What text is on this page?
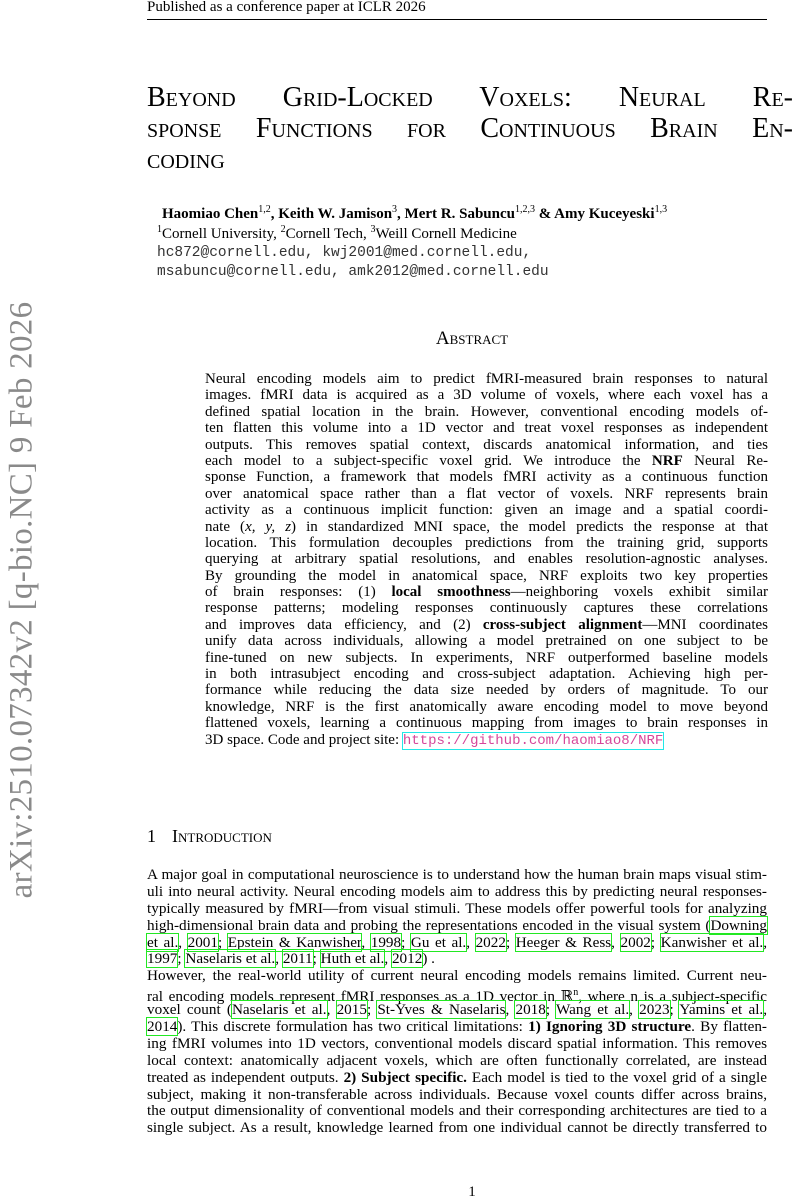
Published as a conference paper at ICLR 2026
arXiv:2510.07342v2 [q-bio.NC] 9 Feb 2026
Beyond Grid-Locked Voxels: Neural Re-
sponse Functions for Continuous Brain En-
coding
Haomiao Chen$^{1,2}$, Keith W. Jamison$^3$, Mert R. Sabuncu$^{1,2,3}$ & Amy Kuceyeski$^{1,3}$
$^1$Cornell University, $^2$Cornell Tech, $^3$Weill Cornell Medicine
hc872@cornell.edu, kwj2001@med.cornell.edu,
msabuncu@cornell.edu, amk2012@med.cornell.edu
Abstract
Neural encoding models aim to predict fMRI-measured brain responses to natural
images. fMRI data is acquired as a 3D volume of voxels, where each voxel has a
defined spatial location in the brain. However, conventional encoding models of-
ten flatten this volume into a 1D vector and treat voxel responses as independent
outputs. This removes spatial context, discards anatomical information, and ties
each model to a subject-specific voxel grid. We introduce the NRF Neural Re-
sponse Function, a framework that models fMRI activity as a continuous function
over anatomical space rather than a flat vector of voxels. NRF represents brain
activity as a continuous implicit function: given an image and a spatial coordi-
nate (x, y, z) in standardized MNI space, the model predicts the response at that
location. This formulation decouples predictions from the training grid, supports
querying at arbitrary spatial resolutions, and enables resolution-agnostic analyses.
By grounding the model in anatomical space, NRF exploits two key properties
of brain responses: (1) local smoothness—neighboring voxels exhibit similar
response patterns; modeling responses continuously captures these correlations
and improves data efficiency, and (2) cross-subject alignment—MNI coordinates
unify data across individuals, allowing a model pretrained on one subject to be
fine-tuned on new subjects. In experiments, NRF outperformed baseline models
in both intrasubject encoding and cross-subject adaptation. Achieving high per-
formance while reducing the data size needed by orders of magnitude. To our
knowledge, NRF is the first anatomically aware encoding model to move beyond
flattened voxels, learning a continuous mapping from images to brain responses in
3D space. Code and project site: https://github.com/haomiao8/NRF
1 Introduction
A major goal in computational neuroscience is to understand how the human brain maps visual stim-
uli into neural activity. Neural encoding models aim to address this by predicting neural responses-
typically measured by fMRI—from visual stimuli. These models offer powerful tools for analyzing
high-dimensional brain data and probing the representations encoded in the visual system (Downing
et al., 2001; Epstein & Kanwisher, 1998; Gu et al., 2022; Heeger & Ress, 2002; Kanwisher et al.,
1997; Naselaris et al., 2011; Huth et al., 2012) .
However, the real-world utility of current neural encoding models remains limited. Current neu-
ral encoding models represent fMRI responses as a 1D vector in ℝ$^n$, where n is a subject-specific
voxel count (Naselaris et al., 2015; St-Yves & Naselaris, 2018; Wang et al., 2023; Yamins et al.,
2014). This discrete formulation has two critical limitations: 1) Ignoring 3D structure. By flatten-
ing fMRI volumes into 1D vectors, conventional models discard spatial information. This removes
local context: anatomically adjacent voxels, which are often functionally correlated, are instead
treated as independent outputs. 2) Subject specific. Each model is tied to the voxel grid of a single
subject, making it non-transferable across individuals. Because voxel counts differ across brains,
the output dimensionality of conventional models and their corresponding architectures are tied to a
single subject. As a result, knowledge learned from one individual cannot be directly transferred to
1
